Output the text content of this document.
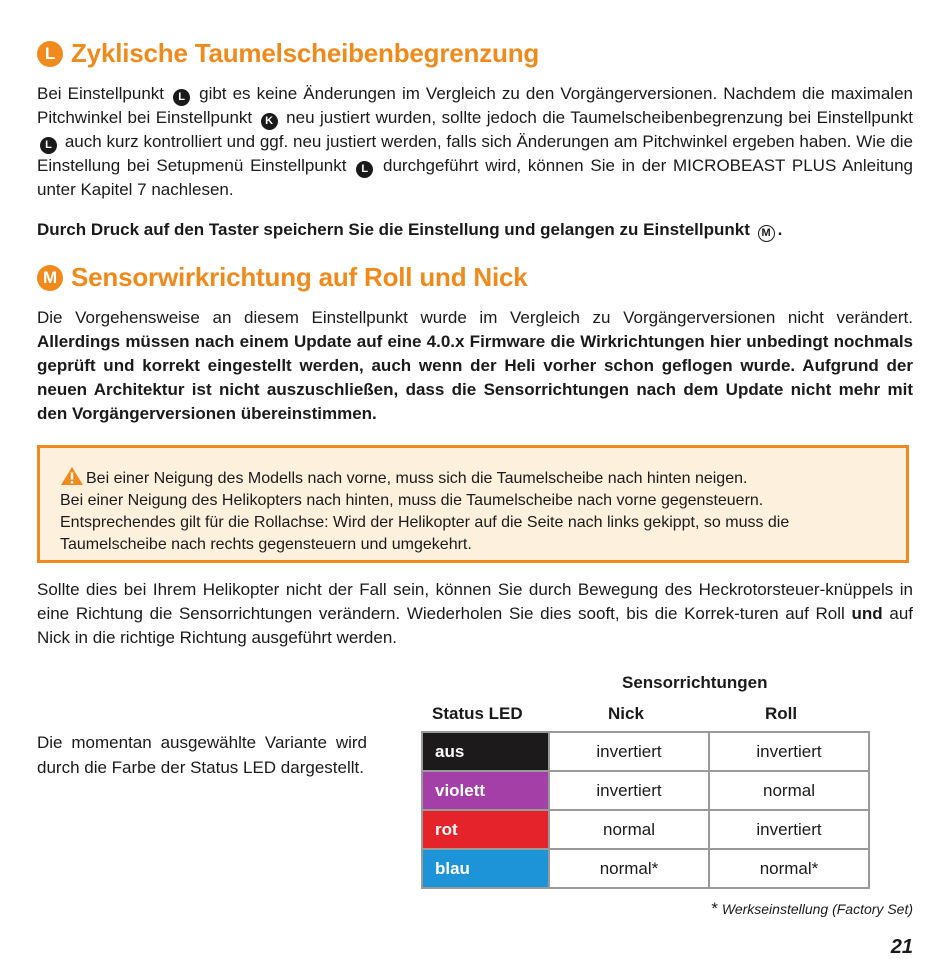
L Zyklische Taumelscheibenbegrenzung

Bei Einstellpunkt L gibt es keine Änderungen im Vergleich zu den Vorgängerversionen. Nachdem die maximalen Pitchwinkel bei Einstellpunkt K neu justiert wurden, sollte jedoch die Taumelscheibenbegrenzung bei Einstellpunkt L auch kurz kontrolliert und ggf. neu justiert werden, falls sich Änderungen am Pitchwinkel ergeben haben. Wie die Einstellung bei Setupmenü Einstellpunkt L durchgeführt wird, können Sie in der MICROBEAST PLUS Anleitung unter Kapitel 7 nachlesen.

Durch Druck auf den Taster speichern Sie die Einstellung und gelangen zu Einstellpunkt M .

M Sensorwirkrichtung auf Roll und Nick

Die Vorgehensweise an diesem Einstellpunkt wurde im Vergleich zu Vorgängerversionen nicht verändert. Allerdings müssen nach einem Update auf eine 4.0.x Firmware die Wirkrichtungen hier unbedingt nochmals geprüft und korrekt eingestellt werden, auch wenn der Heli vorher schon geflogen wurde. Aufgrund der neuen Architektur ist nicht auszuschließen, dass die Sensorrichtungen nach dem Update nicht mehr mit den Vorgängerversionen übereinstimmen.

Bei einer Neigung des Modells nach vorne, muss sich die Taumelscheibe nach hinten neigen.
Bei einer Neigung des Helikopters nach hinten, muss die Taumelscheibe nach vorne gegensteuern.
Entsprechendes gilt für die Rollachse: Wird der Helikopter auf die Seite nach links gekippt, so muss die Taumelscheibe nach rechts gegensteuern und umgekehrt.

Sollte dies bei Ihrem Helikopter nicht der Fall sein, können Sie durch Bewegung des Heckrotorsteuer-knüppels in eine Richtung die Sensorrichtungen verändern. Wiederholen Sie dies sooft, bis die Korrek-turen auf Roll und auf Nick in die richtige Richtung ausgeführt werden.

Die momentan ausgewählte Variante wird durch die Farbe der Status LED dargestellt.

Sensorrichtungen
Status LED	Nick	Roll
aus	invertiert	invertiert
violett	invertiert	normal
rot	normal	invertiert
blau	normal*	normal*
* Werkseinstellung (Factory Set)
21
